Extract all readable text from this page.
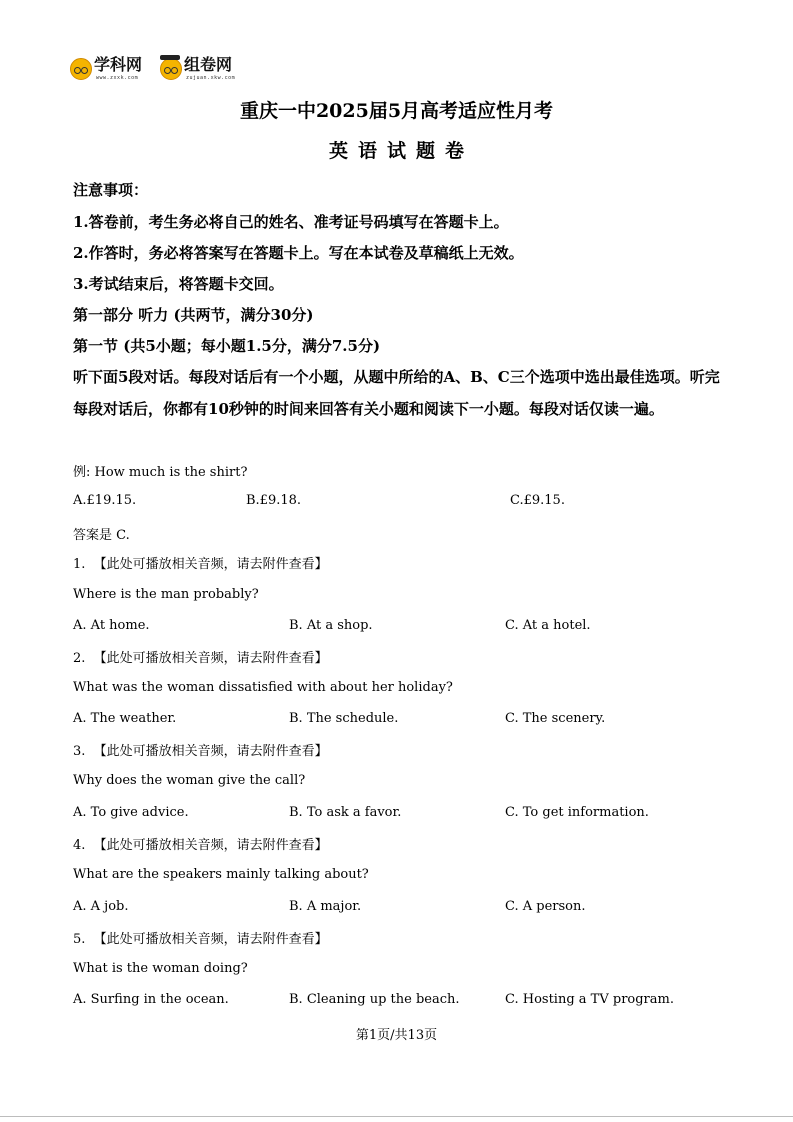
学科网
www.zxxk.com
组卷网
zujuan.xkw.com
重庆一中2025届5月高考适应性月考
英语试题卷
注意事项：
1.答卷前，考生务必将自己的姓名、准考证号码填写在答题卡上。
2.作答时，务必将答案写在答题卡上。写在本试卷及草稿纸上无效。
3.考试结束后，将答题卡交回。
第一部分 听力 (共两节，满分30分)
第一节 (共5小题；每小题1.5分，满分7.5分)
听下面5段对话。每段对话后有一个小题，从题中所给的A、B、C三个选项中选出最佳选项。听完每段对话后，你都有10秒钟的时间来回答有关小题和阅读下一小题。每段对话仅读一遍。
例: How much is the shirt?
A.£19.15.	B.£9.18.	C.£9.15.
答案是 C.
1. 【此处可播放相关音频，请去附件查看】
Where is the man probably?
A. At home.	B. At a shop.	C. At a hotel.
2. 【此处可播放相关音频，请去附件查看】
What was the woman dissatisfied with about her holiday?
A. The weather.	B. The schedule.	C. The scenery.
3. 【此处可播放相关音频，请去附件查看】
Why does the woman give the call?
A. To give advice.	B. To ask a favor.	C. To get information.
4. 【此处可播放相关音频，请去附件查看】
What are the speakers mainly talking about?
A. A job.	B. A major.	C. A person.
5. 【此处可播放相关音频，请去附件查看】
What is the woman doing?
A. Surfing in the ocean.	B. Cleaning up the beach.	C. Hosting a TV program.
第1页/共13页
